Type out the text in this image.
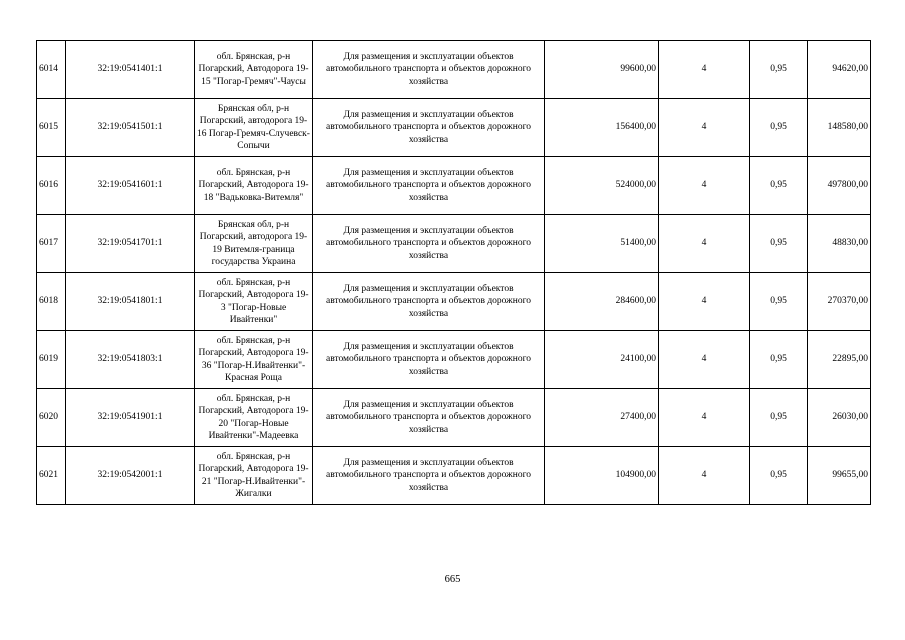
6014	32:19:0541401:1	обл. Брянская, р-н Погарский, Автодорога 19-15 "Погар-Гремяч"-Чаусы	Для размещения и эксплуатации объектов автомобильного транспорта и объектов дорожного хозяйства	99600,00	4	0,95	94620,00
6015	32:19:0541501:1	Брянская обл, р-н Погарский, автодорога 19-16 Погар-Гремяч-Случевск-Сопычи	Для размещения и эксплуатации объектов автомобильного транспорта и объектов дорожного хозяйства	156400,00	4	0,95	148580,00
6016	32:19:0541601:1	обл. Брянская, р-н Погарский, Автодорога 19-18 "Вадьковка-Витемля"	Для размещения и эксплуатации объектов автомобильного транспорта и объектов дорожного хозяйства	524000,00	4	0,95	497800,00
6017	32:19:0541701:1	Брянская обл, р-н Погарский, автодорога 19-19 Витемля-граница государства Украина	Для размещения и эксплуатации объектов автомобильного транспорта и объектов дорожного хозяйства	51400,00	4	0,95	48830,00
6018	32:19:0541801:1	обл. Брянская, р-н Погарский, Автодорога 19-3 "Погар-Новые Ивайтенки"	Для размещения и эксплуатации объектов автомобильного транспорта и объектов дорожного хозяйства	284600,00	4	0,95	270370,00
6019	32:19:0541803:1	обл. Брянская, р-н Погарский, Автодорога 19-36 "Погар-Н.Ивайтенки"-Красная Роща	Для размещения и эксплуатации объектов автомобильного транспорта и объектов дорожного хозяйства	24100,00	4	0,95	22895,00
6020	32:19:0541901:1	обл. Брянская, р-н Погарский, Автодорога 19-20 "Погар-Новые Ивайтенки"-Мадеевка	Для размещения и эксплуатации объектов автомобильного транспорта и объектов дорожного хозяйства	27400,00	4	0,95	26030,00
6021	32:19:0542001:1	обл. Брянская, р-н Погарский, Автодорога 19-21 "Погар-Н.Ивайтенки"-Жигалки	Для размещения и эксплуатации объектов автомобильного транспорта и объектов дорожного хозяйства	104900,00	4	0,95	99655,00
665
